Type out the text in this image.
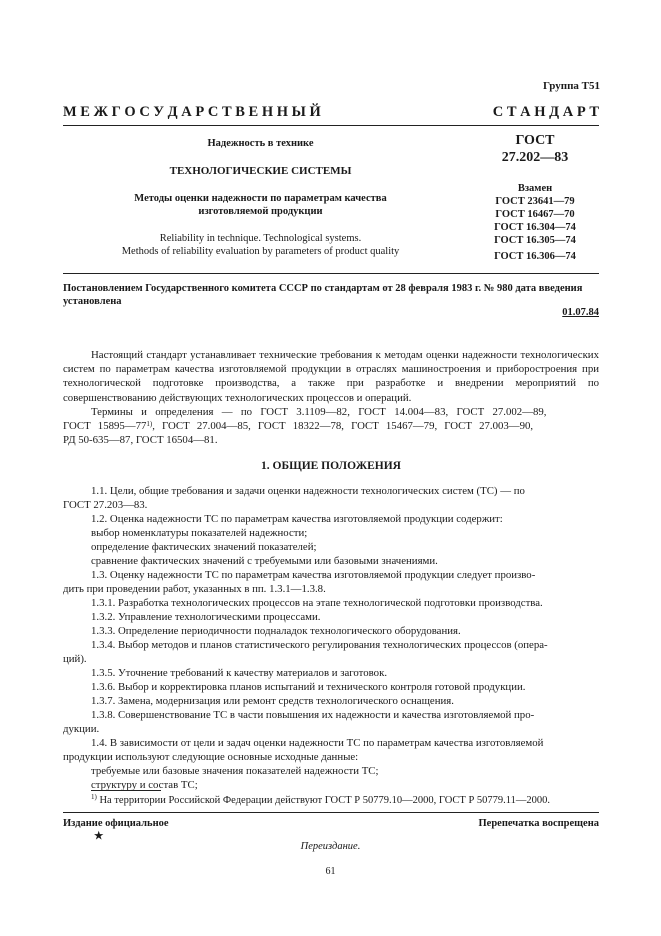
Группа Т51
М Е Ж Г О С У Д А Р С Т В Е Н Н Ы Й	С Т А Н Д А Р Т
Надежность в технике
ТЕХНОЛОГИЧЕСКИЕ СИСТЕМЫ
Методы оценки надежности по параметрам качества
изготовляемой продукции
Reliability in technique. Technological systems.
Methods of reliability evaluation by parameters of product quality
ГОСТ
27.202—83
Взамен
ГОСТ 23641—79
ГОСТ 16467—70
ГОСТ 16.304—74
ГОСТ 16.305—74
ГОСТ 16.306—74
Постановлением Государственного комитета СССР по стандартам от 28 февраля 1983 г. № 980 дата введения
установлена
01.07.84
Настоящий стандарт устанавливает технические требования к методам оценки надежности технологических систем по параметрам качества изготовляемой продукции в отраслях машиностроения и приборостроения при технологической подготовке производства, а также при разработке и внедрении мероприятий по совершенствованию действующих технологических процессов и операций.
Термины и определения — по ГОСТ 3.1109—82, ГОСТ 14.004—83, ГОСТ 27.002—89,
ГОСТ 15895—77$^{1)}$, ГОСТ 27.004—85, ГОСТ 18322—78, ГОСТ 15467—79, ГОСТ 27.003—90,
РД 50-635—87, ГОСТ 16504—81.
1. ОБЩИЕ ПОЛОЖЕНИЯ
1.1. Цели, общие требования и задачи оценки надежности технологических систем (ТС) — по
ГОСТ 27.203—83.
1.2. Оценка надежности ТС по параметрам качества изготовляемой продукции содержит:
выбор номенклатуры показателей надежности;
определение фактических значений показателей;
сравнение фактических значений с требуемыми или базовыми значениями.
1.3. Оценку надежности ТС по параметрам качества изготовляемой продукции следует произво-
дить при проведении работ, указанных в пп. 1.3.1—1.3.8.
1.3.1. Разработка технологических процессов на этапе технологической подготовки производства.
1.3.2. Управление технологическими процессами.
1.3.3. Определение периодичности подналадок технологического оборудования.
1.3.4. Выбор методов и планов статистического регулирования технологических процессов (опера-
ций).
1.3.5. Уточнение требований к качеству материалов и заготовок.
1.3.6. Выбор и корректировка планов испытаний и технического контроля готовой продукции.
1.3.7. Замена, модернизация или ремонт средств технологического оснащения.
1.3.8. Совершенствование ТС в части повышения их надежности и качества изготовляемой про-
дукции.
1.4. В зависимости от цели и задач оценки надежности ТС по параметрам качества изготовляемой
продукции используют следующие основные исходные данные:
требуемые или базовые значения показателей надежности ТС;
структуру и состав ТС;
$^{1)}$ На территории Российской Федерации действуют ГОСТ Р 50779.10—2000, ГОСТ Р 50779.11—2000.
Издание официальное
★
Перепечатка воспрещена
Переиздание.
61
